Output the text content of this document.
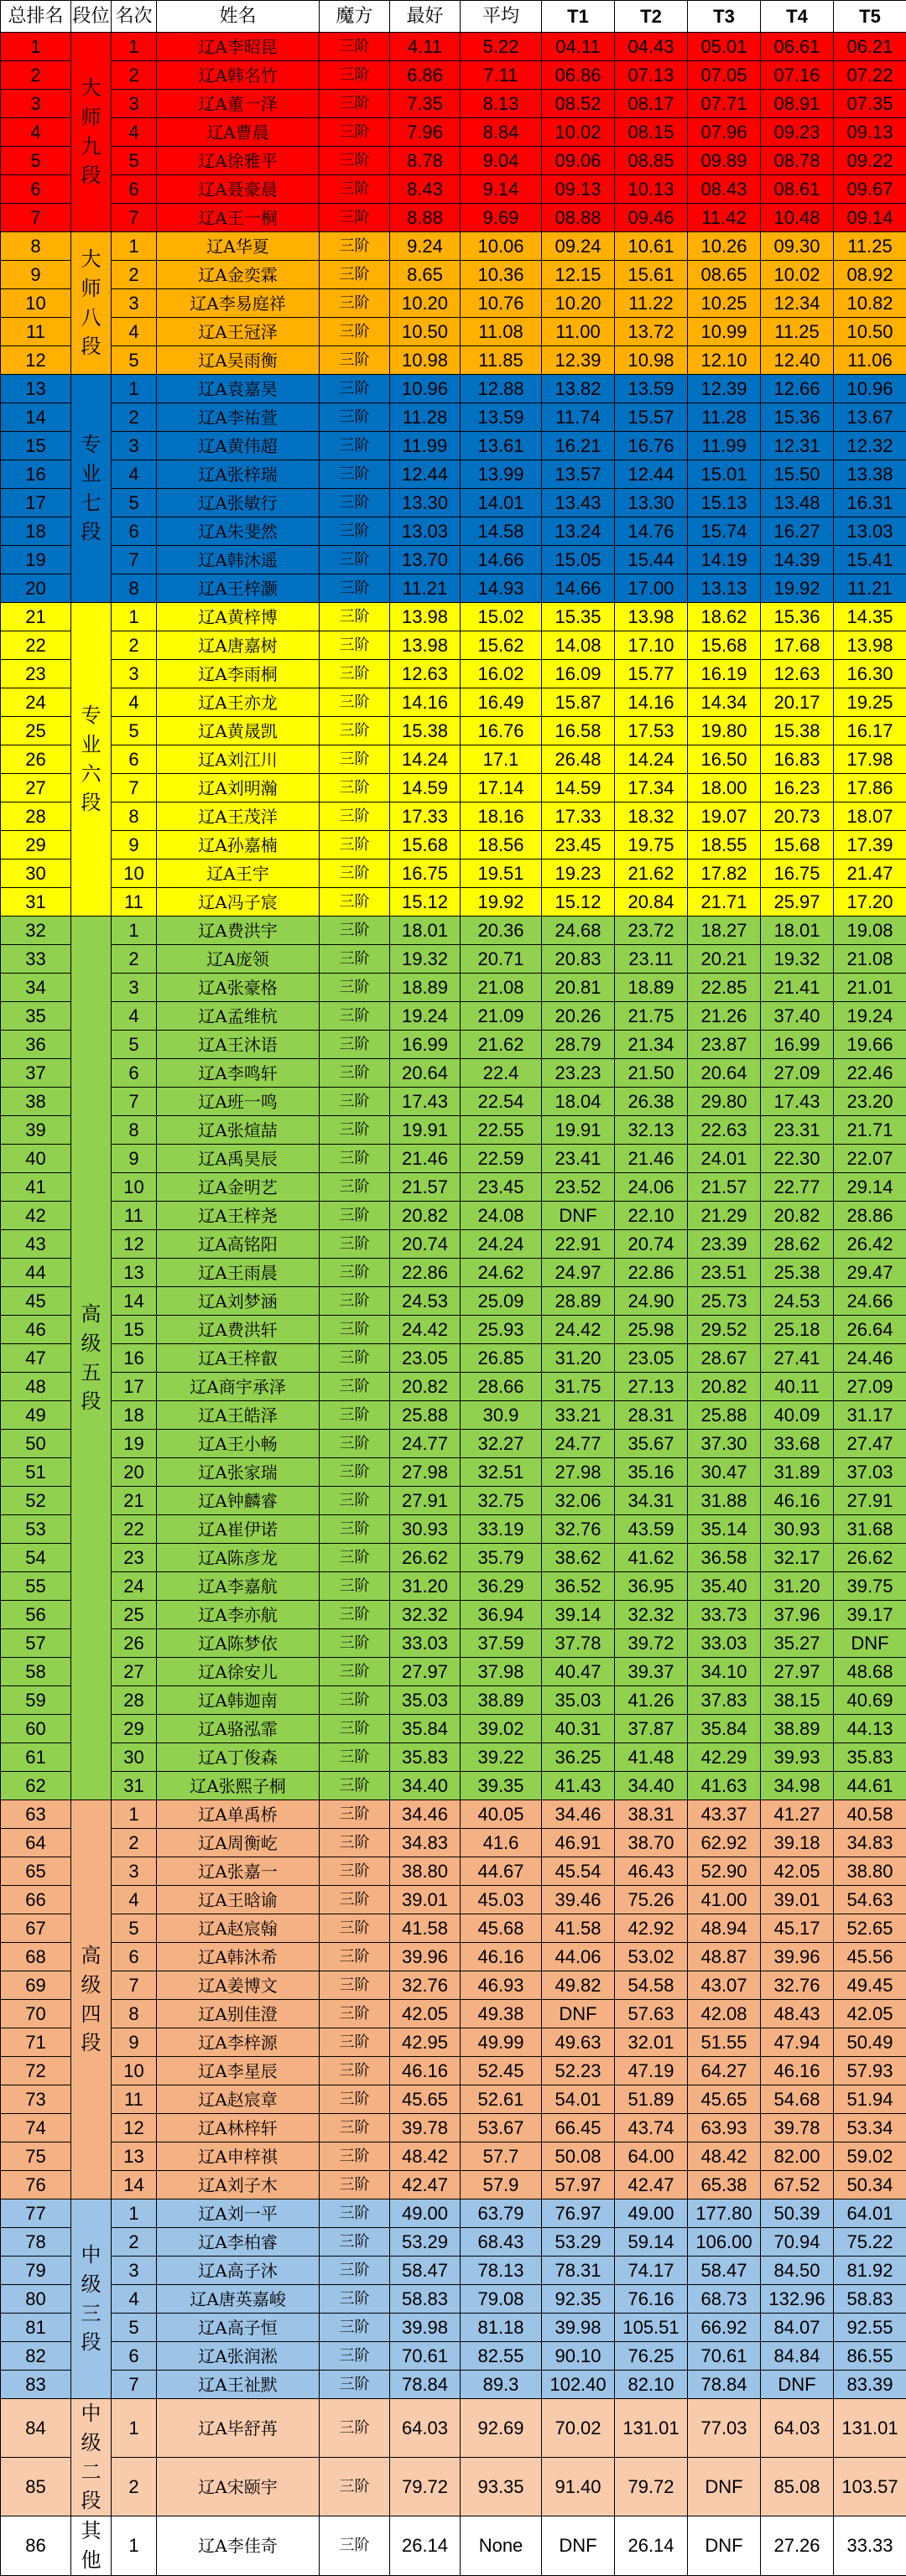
总排名	段位	名次	姓名	魔方	最好	平均	T1	T2	T3	T4	T5
1	大师九段	1	辽A李昭昆	三阶	4.11	5.22	04.11	04.43	05.01	06.61	06.21
2		2	辽A韩名竹	三阶	6.86	7.11	06.86	07.13	07.05	07.16	07.22
3		3	辽A董一泽	三阶	7.35	8.13	08.52	08.17	07.71	08.91	07.35
4		4	辽A曹晨	三阶	7.96	8.84	10.02	08.15	07.96	09.23	09.13
5		5	辽A徐雅平	三阶	8.78	9.04	09.06	08.85	09.89	08.78	09.22
6		6	辽A聂豪晨	三阶	8.43	9.14	09.13	10.13	08.43	08.61	09.67
7		7	辽A王一桐	三阶	8.88	9.69	08.88	09.46	11.42	10.48	09.14
8	大师八段	1	辽A华夏	三阶	9.24	10.06	09.24	10.61	10.26	09.30	11.25
9		2	辽A金奕霖	三阶	8.65	10.36	12.15	15.61	08.65	10.02	08.92
10		3	辽A李易庭祥	三阶	10.20	10.76	10.20	11.22	10.25	12.34	10.82
11		4	辽A王冠泽	三阶	10.50	11.08	11.00	13.72	10.99	11.25	10.50
12		5	辽A吴雨衡	三阶	10.98	11.85	12.39	10.98	12.10	12.40	11.06
13	专业七段	1	辽A袁嘉昊	三阶	10.96	12.88	13.82	13.59	12.39	12.66	10.96
14		2	辽A李祐萱	三阶	11.28	13.59	11.74	15.57	11.28	15.36	13.67
15		3	辽A黄伟超	三阶	11.99	13.61	16.21	16.76	11.99	12.31	12.32
16		4	辽A张梓瑞	三阶	12.44	13.99	13.57	12.44	15.01	15.50	13.38
17		5	辽A张敏行	三阶	13.30	14.01	13.43	13.30	15.13	13.48	16.31
18		6	辽A朱斐然	三阶	13.03	14.58	13.24	14.76	15.74	16.27	13.03
19		7	辽A韩沐遥	三阶	13.70	14.66	15.05	15.44	14.19	14.39	15.41
20		8	辽A王梓灏	三阶	11.21	14.93	14.66	17.00	13.13	19.92	11.21
21	专业六段	1	辽A黄梓博	三阶	13.98	15.02	15.35	13.98	18.62	15.36	14.35
22		2	辽A唐嘉树	三阶	13.98	15.62	14.08	17.10	15.68	17.68	13.98
23		3	辽A李雨桐	三阶	12.63	16.02	16.09	15.77	16.19	12.63	16.30
24		4	辽A王亦龙	三阶	14.16	16.49	15.87	14.16	14.34	20.17	19.25
25		5	辽A黄晟凯	三阶	15.38	16.76	16.58	17.53	19.80	15.38	16.17
26		6	辽A刘江川	三阶	14.24	17.1	26.48	14.24	16.50	16.83	17.98
27		7	辽A刘明瀚	三阶	14.59	17.14	14.59	17.34	18.00	16.23	17.86
28		8	辽A王茂洋	三阶	17.33	18.16	17.33	18.32	19.07	20.73	18.07
29		9	辽A孙嘉楠	三阶	15.68	18.56	23.45	19.75	18.55	15.68	17.39
30		10	辽A王宇	三阶	16.75	19.51	19.23	21.62	17.82	16.75	21.47
31		11	辽A冯子宸	三阶	15.12	19.92	15.12	20.84	21.71	25.97	17.20
32	高级五段	1	辽A费洪宇	三阶	18.01	20.36	24.68	23.72	18.27	18.01	19.08
33		2	辽A庞领	三阶	19.32	20.71	20.83	23.11	20.21	19.32	21.08
34		3	辽A张豪格	三阶	18.89	21.08	20.81	18.89	22.85	21.41	21.01
35		4	辽A孟维杭	三阶	19.24	21.09	20.26	21.75	21.26	37.40	19.24
36		5	辽A王沐语	三阶	16.99	21.62	28.79	21.34	23.87	16.99	19.66
37		6	辽A李鸣轩	三阶	20.64	22.4	23.23	21.50	20.64	27.09	22.46
38		7	辽A班一鸣	三阶	17.43	22.54	18.04	26.38	29.80	17.43	23.20
39		8	辽A张煊喆	三阶	19.91	22.55	19.91	32.13	22.63	23.31	21.71
40		9	辽A禹昊辰	三阶	21.46	22.59	23.41	21.46	24.01	22.30	22.07
41		10	辽A金明艺	三阶	21.57	23.45	23.52	24.06	21.57	22.77	29.14
42		11	辽A王梓尧	三阶	20.82	24.08	DNF	22.10	21.29	20.82	28.86
43		12	辽A高铭阳	三阶	20.74	24.24	22.91	20.74	23.39	28.62	26.42
44		13	辽A王雨晨	三阶	22.86	24.62	24.97	22.86	23.51	25.38	29.47
45		14	辽A刘梦涵	三阶	24.53	25.09	28.89	24.90	25.73	24.53	24.66
46		15	辽A费洪轩	三阶	24.42	25.93	24.42	25.98	29.52	25.18	26.64
47		16	辽A王梓叡	三阶	23.05	26.85	31.20	23.05	28.67	27.41	24.46
48		17	辽A商宇承泽	三阶	20.82	28.66	31.75	27.13	20.82	40.11	27.09
49		18	辽A王皓泽	三阶	25.88	30.9	33.21	28.31	25.88	40.09	31.17
50		19	辽A王小畅	三阶	24.77	32.27	24.77	35.67	37.30	33.68	27.47
51		20	辽A张家瑞	三阶	27.98	32.51	27.98	35.16	30.47	31.89	37.03
52		21	辽A钟麟睿	三阶	27.91	32.75	32.06	34.31	31.88	46.16	27.91
53		22	辽A崔伊诺	三阶	30.93	33.19	32.76	43.59	35.14	30.93	31.68
54		23	辽A陈彦龙	三阶	26.62	35.79	38.62	41.62	36.58	32.17	26.62
55		24	辽A李嘉航	三阶	31.20	36.29	36.52	36.95	35.40	31.20	39.75
56		25	辽A李亦航	三阶	32.32	36.94	39.14	32.32	33.73	37.96	39.17
57		26	辽A陈梦依	三阶	33.03	37.59	37.78	39.72	33.03	35.27	DNF
58		27	辽A徐安儿	三阶	27.97	37.98	40.47	39.37	34.10	27.97	48.68
59		28	辽A韩迦南	三阶	35.03	38.89	35.03	41.26	37.83	38.15	40.69
60		29	辽A骆泓霏	三阶	35.84	39.02	40.31	37.87	35.84	38.89	44.13
61		30	辽A丁俊森	三阶	35.83	39.22	36.25	41.48	42.29	39.93	35.83
62		31	辽A张熙子桐	三阶	34.40	39.35	41.43	34.40	41.63	34.98	44.61
63	高级四段	1	辽A单禹桥	三阶	34.46	40.05	34.46	38.31	43.37	41.27	40.58
64		2	辽A周衡屹	三阶	34.83	41.6	46.91	38.70	62.92	39.18	34.83
65		3	辽A张嘉一	三阶	38.80	44.67	45.54	46.43	52.90	42.05	38.80
66		4	辽A王晗谕	三阶	39.01	45.03	39.46	75.26	41.00	39.01	54.63
67		5	辽A赵宸翰	三阶	41.58	45.68	41.58	42.92	48.94	45.17	52.65
68		6	辽A韩沐希	三阶	39.96	46.16	44.06	53.02	48.87	39.96	45.56
69		7	辽A姜博文	三阶	32.76	46.93	49.82	54.58	43.07	32.76	49.45
70		8	辽A别佳澄	三阶	42.05	49.38	DNF	57.63	42.08	48.43	42.05
71		9	辽A李梓源	三阶	42.95	49.99	49.63	32.01	51.55	47.94	50.49
72		10	辽A李星辰	三阶	46.16	52.45	52.23	47.19	64.27	46.16	57.93
73		11	辽A赵宸章	三阶	45.65	52.61	54.01	51.89	45.65	54.68	51.94
74		12	辽A林梓轩	三阶	39.78	53.67	66.45	43.74	63.93	39.78	53.34
75		13	辽A申梓祺	三阶	48.42	57.7	50.08	64.00	48.42	82.00	59.02
76		14	辽A刘子木	三阶	42.47	57.9	57.97	42.47	65.38	67.52	50.34
77	中级三段	1	辽A刘一平	三阶	49.00	63.79	76.97	49.00	177.80	50.39	64.01
78		2	辽A李柏睿	三阶	53.29	68.43	53.29	59.14	106.00	70.94	75.22
79		3	辽A高子沐	三阶	58.47	78.13	78.31	74.17	58.47	84.50	81.92
80		4	辽A唐英嘉峻	三阶	58.83	79.08	92.35	76.16	68.73	132.96	58.83
81		5	辽A高子恒	三阶	39.98	81.18	39.98	105.51	66.92	84.07	92.55
82		6	辽A张润淞	三阶	70.61	82.55	90.10	76.25	70.61	84.84	86.55
83		7	辽A王祉默	三阶	78.84	89.3	102.40	82.10	78.84	DNF	83.39
84	中级二段	1	辽A毕舒苒	三阶	64.03	92.69	70.02	131.01	77.03	64.03	131.01
85		2	辽A宋颐宇	三阶	79.72	93.35	91.40	79.72	DNF	85.08	103.57
86	其他	1	辽A李佳奇	三阶	26.14	None	DNF	26.14	DNF	27.26	33.33
